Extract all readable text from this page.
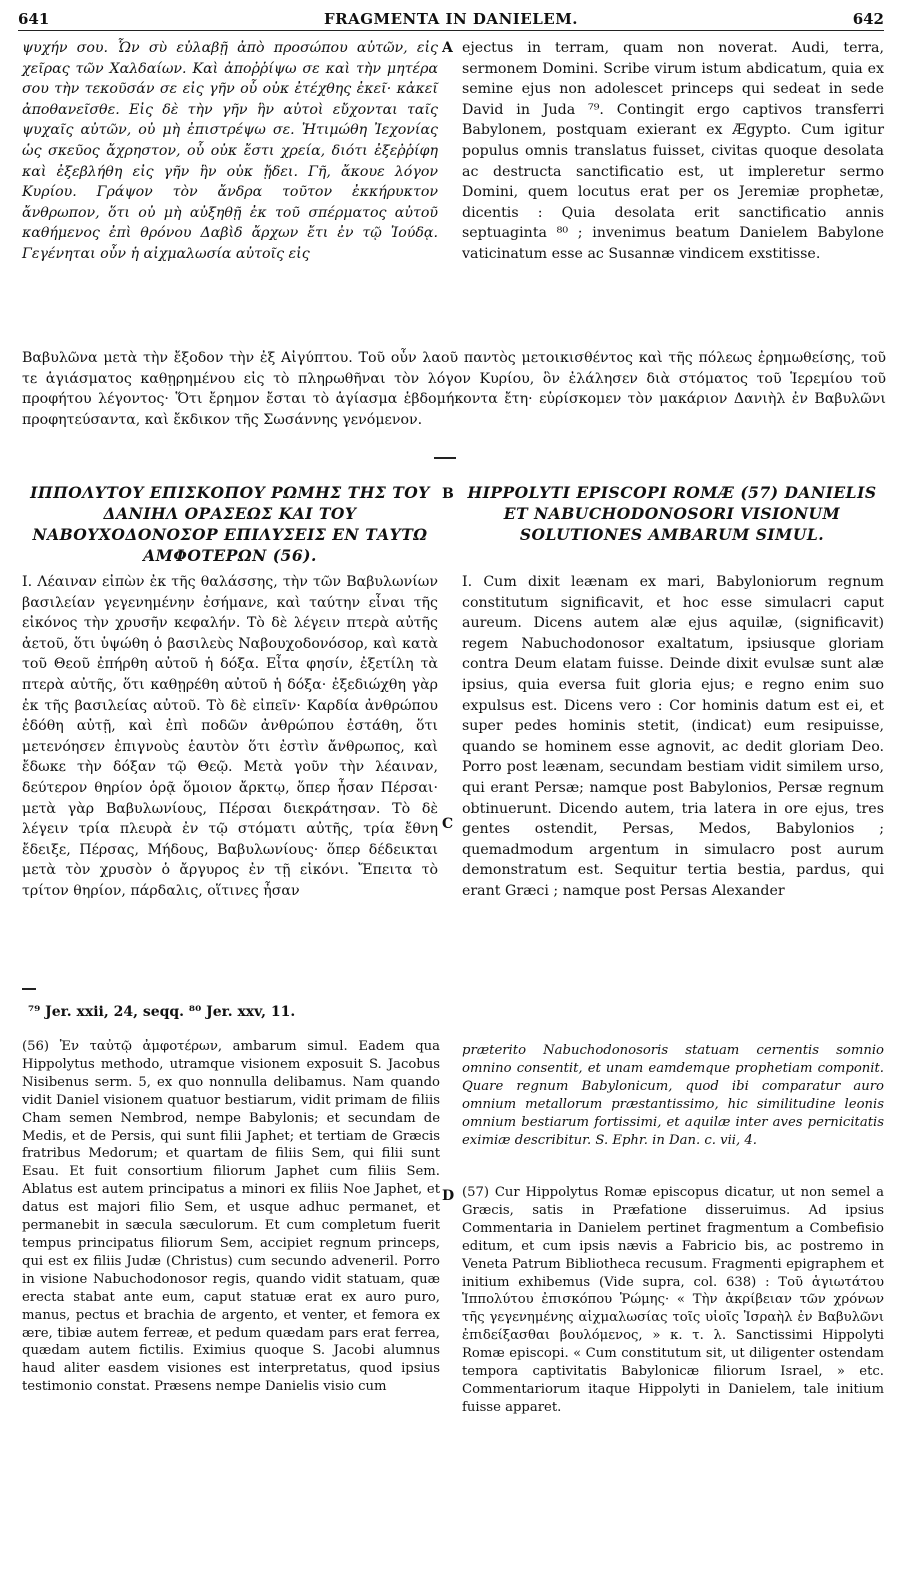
641	FRAGMENTA IN DANIELEM.	642
ψυχήν σου. Ὧν σὺ εὐλαβῇ ἀπὸ προσώπου αὐτῶν, εἰς χεῖρας τῶν Χαλδαίων. Καὶ ἀποῤῥίψω σε καὶ τὴν μητέρα σου τὴν τεκοῦσάν σε εἰς γῆν οὗ οὐκ ἐτέχθης ἐκεῖ· κἀκεῖ ἀποθανεῖσθε. Εἰς δὲ τὴν γῆν ἣν αὐτοὶ εὔχονται ταῖς ψυχαῖς αὐτῶν, οὐ μὴ ἐπιστρέψω σε. Ἠτιμώθη Ἰεχονίας ὡς σκεῦος ἄχρηστον, οὗ οὐκ ἔστι χρεία, διότι ἐξεῤῥίφη καὶ ἐξεβλήθη εἰς γῆν ἣν οὐκ ᾔδει. Γῆ, ἄκουε λόγον Κυρίου. Γράψον τὸν ἄνδρα τοῦτον ἐκκήρυκτον ἄνθρωπον, ὅτι οὐ μὴ αὐξηθῇ ἐκ τοῦ σπέρματος αὐτοῦ καθήμενος ἐπὶ θρόνου Δαβὶδ ἄρχων ἔτι ἐν τῷ Ἰούδᾳ. Γεγένηται οὖν ἡ αἰχμαλωσία αὐτοῖς εἰς
A ejectus in terram, quam non noverat. Audi, terra, sermonem Domini. Scribe virum istum abdicatum, quia ex semine ejus non adolescet princeps qui sedeat in sede David in Juda ⁷⁹. Contingit ergo captivos transferri Babylonem, postquam exierant ex Ægypto. Cum igitur populus omnis translatus fuisset, civitas quoque desolata ac destructa sanctificatio est, ut impleretur sermo Domini, quem locutus erat per os Jeremiæ prophetæ, dicentis : Quia desolata erit sanctificatio annis septuaginta ⁸⁰ ; invenimus beatum Danielem Babylone vaticinatum esse ac Susannæ vindicem exstitisse.
Βαβυλῶνα μετὰ τὴν ἔξοδον τὴν ἐξ Αἰγύπτου. Τοῦ οὖν λαοῦ παντὸς μετοικισθέντος καὶ τῆς πόλεως ἐρημωθείσης, τοῦ τε ἁγιάσματος καθῃρημένου εἰς τὸ πληρωθῆναι τὸν λόγον Κυρίου, ὃν ἐλάλησεν διὰ στόματος τοῦ Ἱερεμίου τοῦ προφήτου λέγοντος· Ὅτι ἔρημον ἔσται τὸ ἁγίασμα ἑβδομήκοντα ἔτη· εὑρίσκομεν τὸν μακάριον Δανιὴλ ἐν Βαβυλῶνι προφητεύσαντα, καὶ ἔκδικον τῆς Σωσάννης γενόμενον.
ΙΠΠΟΛΥΤΟΥ ΕΠΙΣΚΟΠΟΥ ΡΩΜΗΣ ΤΗΣ ΤΟΥ ΔΑΝΙΗΛ ΟΡΑΣΕΩΣ ΚΑΙ ΤΟΥ ΝΑΒΟΥΧΟΔΟΝΟΣΟΡ ΕΠΙΛΥΣΕΙΣ ΕΝ ΤΑΥΤΩ ΑΜΦΟΤΕΡΩΝ (56).
B HIPPOLYTI EPISCOPI ROMÆ (57) DANIELIS ET NABUCHODONOSORI VISIONUM SOLUTIONES AMBARUM SIMUL.
I. Λέαιναν εἰπὼν ἐκ τῆς θαλάσσης, τὴν τῶν Βαβυλωνίων βασιλείαν γεγενημένην ἐσήμανε, καὶ ταύτην εἶναι τῆς εἰκόνος τὴν χρυσῆν κεφαλήν. Τὸ δὲ λέγειν πτερὰ αὐτῆς ἀετοῦ, ὅτι ὑψώθη ὁ βασιλεὺς Ναβουχοδονόσορ, καὶ κατὰ τοῦ Θεοῦ ἐπήρθη αὐτοῦ ἡ δόξα. Εἶτα φησίν, ἐξετίλη τὰ πτερὰ αὐτῆς, ὅτι καθῃρέθη αὐτοῦ ἡ δόξα· ἐξεδιώχθη γὰρ ἐκ τῆς βασιλείας αὐτοῦ. Τὸ δὲ εἰπεῖν· Καρδία ἀνθρώπου ἐδόθη αὐτῇ, καὶ ἐπὶ ποδῶν ἀνθρώπου ἐστάθη, ὅτι μετενόησεν ἐπιγνοὺς ἑαυτὸν ὅτι ἐστὶν ἄνθρωπος, καὶ ἔδωκε τὴν δόξαν τῷ Θεῷ. Μετὰ γοῦν τὴν λέαιναν, δεύτερον θηρίον ὁρᾷ ὅμοιον ἄρκτῳ, ὅπερ ἦσαν Πέρσαι· μετὰ γὰρ Βαβυλωνίους, Πέρσαι διεκράτησαν. Τὸ δὲ λέγειν τρία πλευρὰ ἐν τῷ στόματι αὐτῆς, τρία ἔθνη ἔδειξε, Πέρσας, Μήδους, Βαβυλωνίους· ὅπερ δέδεικται μετὰ τὸν χρυσὸν ὁ ἄργυρος ἐν τῇ εἰκόνι. Ἔπειτα τὸ τρίτον θηρίον, πάρδαλις, οἵτινες ἦσαν
C
I. Cum dixit leænam ex mari, Babyloniorum regnum constitutum significavit, et hoc esse simulacri caput aureum. Dicens autem alæ ejus aquilæ, (significavit) regem Nabuchodonosor exaltatum, ipsiusque gloriam contra Deum elatam fuisse. Deinde dixit evulsæ sunt alæ ipsius, quia eversa fuit gloria ejus; e regno enim suo expulsus est. Dicens vero : Cor hominis datum est ei, et super pedes hominis stetit, (indicat) eum resipuisse, quando se hominem esse agnovit, ac dedit gloriam Deo. Porro post leænam, secundam bestiam vidit similem urso, qui erant Persæ; namque post Babylonios, Persæ regnum obtinuerunt. Dicendo autem, tria latera in ore ejus, tres gentes ostendit, Persas, Medos, Babylonios ; quemadmodum argentum in simulacro post aurum demonstratum est. Sequitur tertia bestia, pardus, qui erant Græci ; namque post Persas Alexander
⁷⁹ Jer. xxii, 24, seqq. ⁸⁰ Jer. xxv, 11.
(56) Ἐν ταὐτῷ ἀμφοτέρων, ambarum simul. Eadem qua Hippolytus methodo, utramque visionem exposuit S. Jacobus Nisibenus serm. 5, ex quo nonnulla delibamus. Nam quando vidit Daniel visionem quatuor bestiarum, vidit primam de filiis Cham semen Nembrod, nempe Babylonis; et secundam de Medis, et de Persis, qui sunt filii Japhet; et tertiam de Græcis fratribus Medorum; et quartam de filiis Sem, qui filii sunt Esau. Et fuit consortium filiorum Japhet cum filiis Sem. Ablatus est autem principatus a minori ex filiis Noe Japhet, et datus est majori filio Sem, et usque adhuc permanet, et permanebit in sæcula sæculorum. Et cum completum fuerit tempus principatus filiorum Sem, accipiet regnum princeps, qui est ex filiis Judæ (Christus) cum secundo adveneril. Porro in visione Nabuchodonosor regis, quando vidit statuam, quæ erecta stabat ante eum, caput statuæ erat ex auro puro, manus, pectus et brachia de argento, et venter, et femora ex ære, tibiæ autem ferreæ, et pedum quædam pars erat ferrea, quædam autem fictilis. Eximius quoque S. Jacobi alumnus haud aliter easdem visiones est interpretatus, quod ipsius testimonio constat. Præsens nempe Danielis visio cum
præterito Nabuchodonosoris statuam cernentis somnio omnino consentit, et unam eamdemque prophetiam componit. Quare regnum Babylonicum, quod ibi comparatur auro omnium metallorum præstantissimo, hic similitudine leonis omnium bestiarum fortissimi, et aquilæ inter aves pernicitatis eximiæ describitur. S. Ephr. in Dan. c. vii, 4.
D (57) Cur Hippolytus Romæ episcopus dicatur, ut non semel a Græcis, satis in Præfatione disseruimus. Ad ipsius Commentaria in Danielem pertinet fragmentum a Combefisio editum, et cum ipsis nævis a Fabricio bis, ac postremo in Veneta Patrum Bibliotheca recusum. Fragmenti epigraphem et initium exhibemus (Vide supra, col. 638) : Τοῦ ἁγιωτάτου Ἱππολύτου ἐπισκόπου Ῥώμης· « Τὴν ἀκρίβειαν τῶν χρόνων τῆς γεγενημένης αἰχμαλωσίας τοῖς υἱοῖς Ἰσραὴλ ἐν Βαβυλῶνι ἐπιδείξασθαι βουλόμενος, » κ. τ. λ. Sanctissimi Hippolyti Romæ episcopi. « Cum constitutum sit, ut diligenter ostendam tempora captivitatis Babylonicæ filiorum Israel, » etc. Commentariorum itaque Hippolyti in Danielem, tale initium fuisse apparet.
